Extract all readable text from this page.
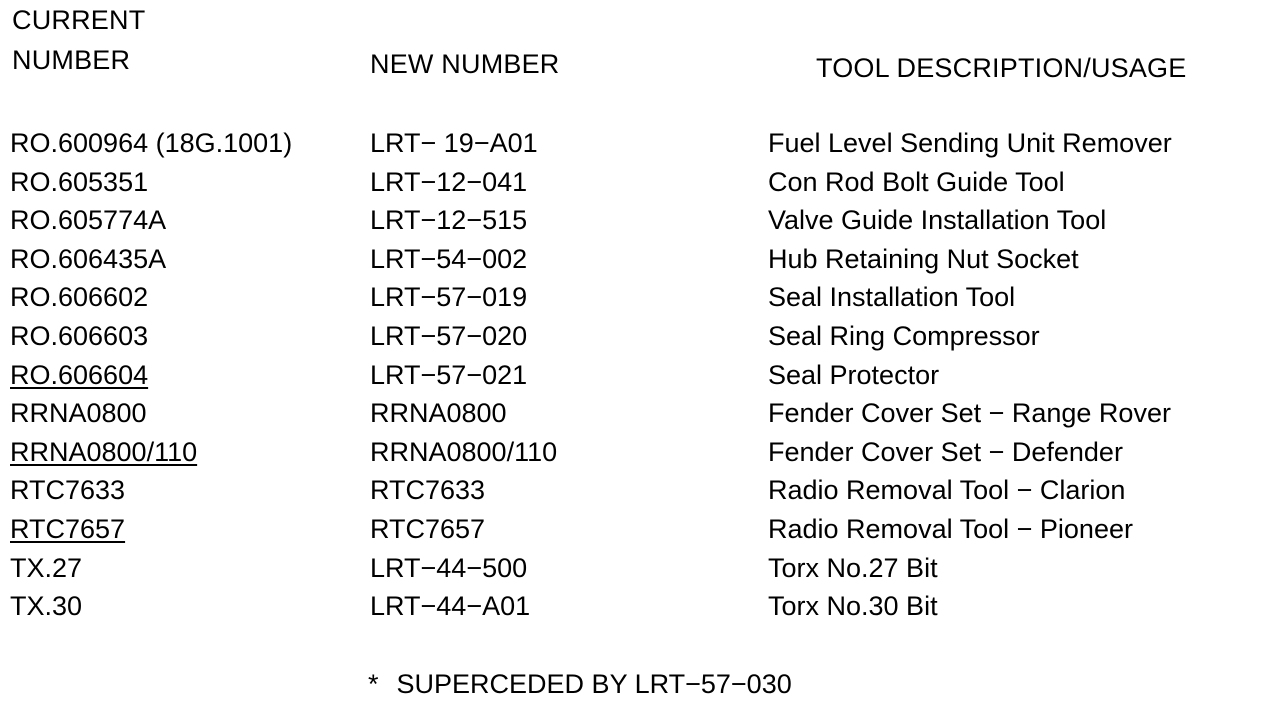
CURRENT
NUMBER	NEW NUMBER	TOOL DESCRIPTION/USAGE
RO.600964 (18G.1001)	LRT− 19−A01	Fuel Level Sending Unit Remover
RO.605351	LRT−12−041	Con Rod Bolt Guide Tool
RO.605774A	LRT−12−515	Valve Guide Installation Tool
RO.606435A	LRT−54−002	Hub Retaining Nut Socket
RO.606602	LRT−57−019	Seal Installation Tool
RO.606603	LRT−57−020	Seal Ring Compressor
RO.606604	LRT−57−021	Seal Protector
RRNA0800	RRNA0800	Fender Cover Set − Range Rover
RRNA0800/110	RRNA0800/110	Fender Cover Set − Defender
RTC7633	RTC7633	Radio Removal Tool − Clarion
RTC7657	RTC7657	Radio Removal Tool − Pioneer
TX.27	LRT−44−500	Torx No.27 Bit
TX.30	LRT−44−A01	Torx No.30 Bit
* SUPERCEDED BY LRT−57−030
